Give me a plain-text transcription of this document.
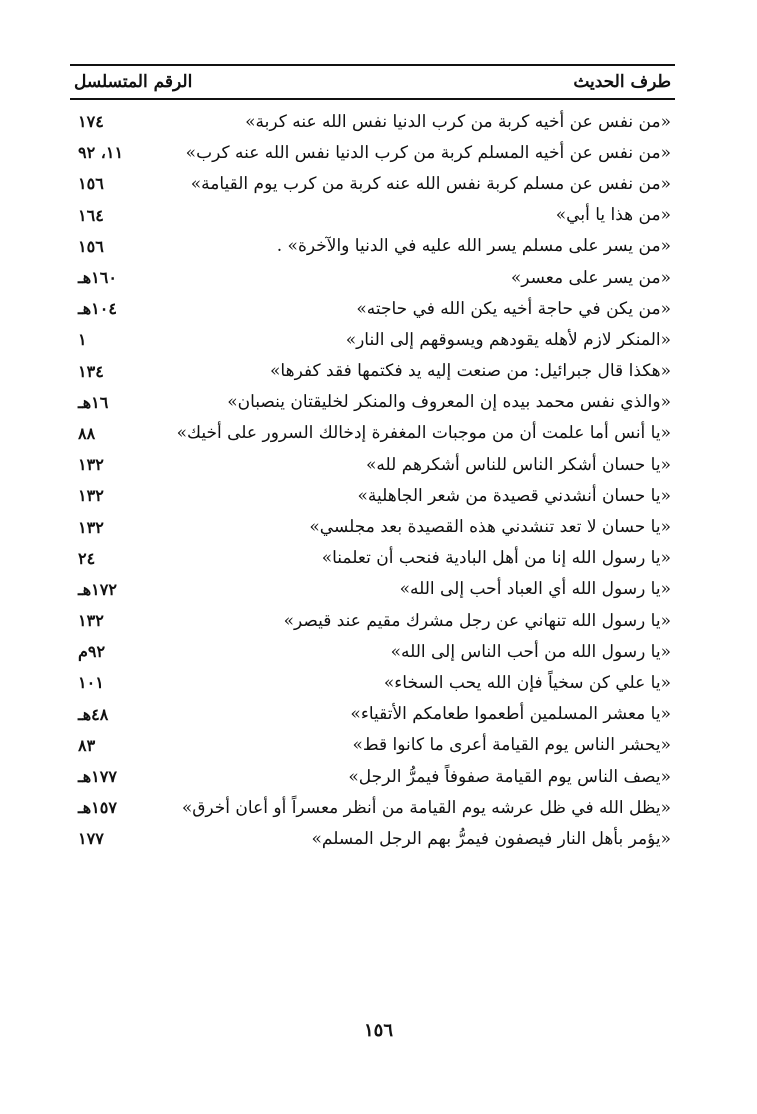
طرف الحديث
الرقم المتسلسل
«من نفس عن أخيه كربة من كرب الدنيا نفس الله عنه كربة»
١٧٤
«من نفس عن أخيه المسلم كربة من كرب الدنيا نفس الله عنه كرب»
١١، ٩٢
«من نفس عن مسلم كربة نفس الله عنه كربة من كرب يوم القيامة»
١٥٦
«من هذا يا أبي»
١٦٤
«من يسر على مسلم يسر الله عليه في الدنيا والآخرة» .
١٥٦
«من يسر على معسر»
١٦٠هـ
«من يكن في حاجة أخيه يكن الله في حاجته»
١٠٤هـ
«المنكر لازم لأهله يقودهم ويسوقهم إلى النار»
١
«هكذا قال جبرائيل: من صنعت إليه يد فكتمها فقد كفرها»
١٣٤
«والذي نفس محمد بيده إن المعروف والمنكر لخليقتان ينصبان»
١٦هـ
«يا أنس أما علمت أن من موجبات المغفرة إدخالك السرور على أخيك»
٨٨
«يا حسان أشكر الناس للناس أشكرهم لله»
١٣٢
«يا حسان أنشدني قصيدة من شعر الجاهلية»
١٣٢
«يا حسان لا تعد تنشدني هذه القصيدة بعد مجلسي»
١٣٢
«يا رسول الله إنا من أهل البادية فنحب أن تعلمنا»
٢٤
«يا رسول الله أي العباد أحب إلى الله»
١٧٢هـ
«يا رسول الله تنهاني عن رجل مشرك مقيم عند قيصر»
١٣٢
«يا رسول الله من أحب الناس إلى الله»
٩٢م
«يا علي كن سخياً فإن الله يحب السخاء»
١٠١
«يا معشر المسلمين أطعموا طعامكم الأتقياء»
٤٨هـ
«يحشر الناس يوم القيامة أعرى ما كانوا قط»
٨٣
«يصف الناس يوم القيامة صفوفاً فيمرُّ الرجل»
١٧٧هـ
«يظل الله في ظل عرشه يوم القيامة من أنظر معسراً أو أعان أخرق»
١٥٧هـ
«يؤمر بأهل النار فيصفون فيمرُّ بهم الرجل المسلم»
١٧٧
١٥٦
